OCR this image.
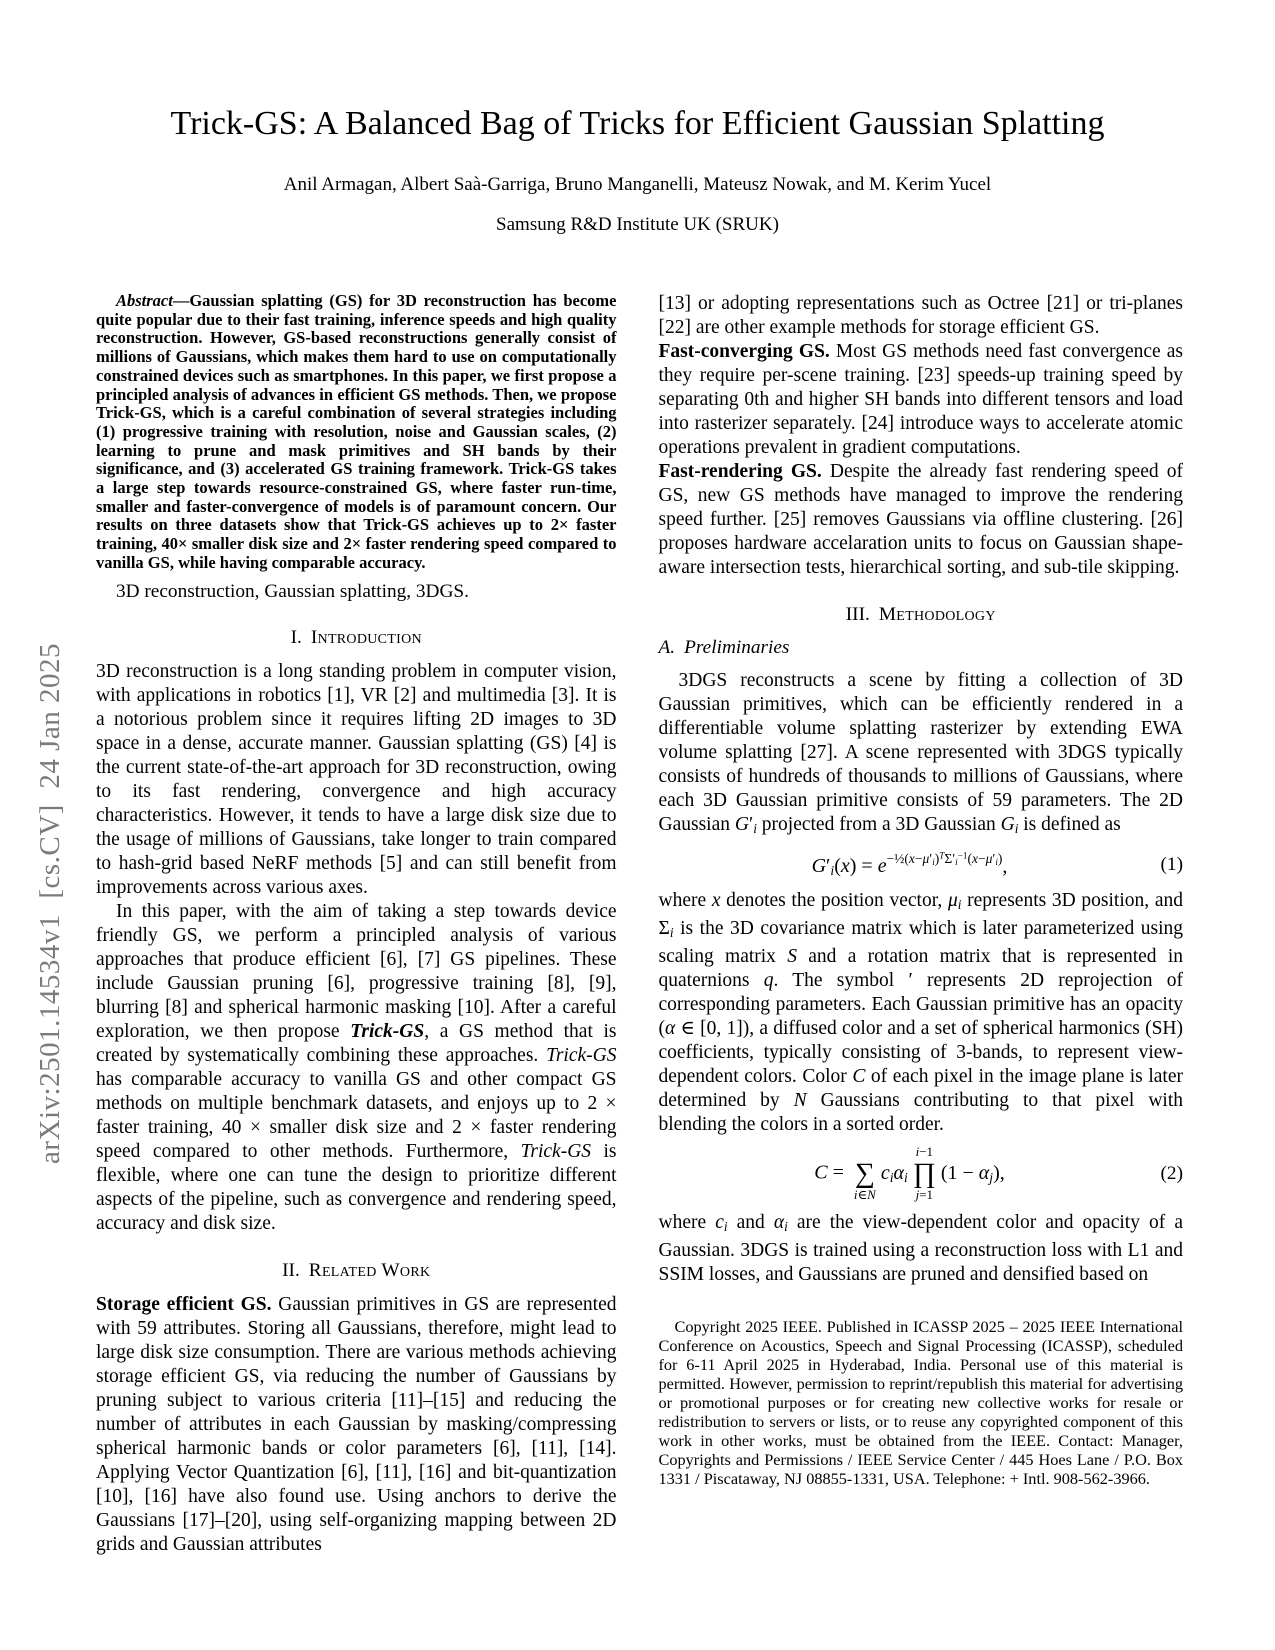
arXiv:2501.14534v1  [cs.CV]  24 Jan 2025
Trick-GS: A Balanced Bag of Tricks for Efficient Gaussian Splatting
Anil Armagan, Albert Saà-Garriga, Bruno Manganelli, Mateusz Nowak, and M. Kerim Yucel
Samsung R&D Institute UK (SRUK)

Abstract—Gaussian splatting (GS) for 3D reconstruction has become quite popular due to their fast training, inference speeds and high quality reconstruction. However, GS-based reconstructions generally consist of millions of Gaussians, which makes them hard to use on computationally constrained devices such as smartphones. In this paper, we first propose a principled analysis of advances in efficient GS methods. Then, we propose Trick-GS, which is a careful combination of several strategies including (1) progressive training with resolution, noise and Gaussian scales, (2) learning to prune and mask primitives and SH bands by their significance, and (3) accelerated GS training framework. Trick-GS takes a large step towards resource-constrained GS, where faster run-time, smaller and faster-convergence of models is of paramount concern. Our results on three datasets show that Trick-GS achieves up to 2× faster training, 40× smaller disk size and 2× faster rendering speed compared to vanilla GS, while having comparable accuracy.

3D reconstruction, Gaussian splatting, 3DGS.

I. Introduction

3D reconstruction is a long standing problem in computer vision, with applications in robotics [1], VR [2] and multimedia [3]. It is a notorious problem since it requires lifting 2D images to 3D space in a dense, accurate manner. Gaussian splatting (GS) [4] is the current state-of-the-art approach for 3D reconstruction, owing to its fast rendering, convergence and high accuracy characteristics. However, it tends to have a large disk size due to the usage of millions of Gaussians, take longer to train compared to hash-grid based NeRF methods [5] and can still benefit from improvements across various axes.

In this paper, with the aim of taking a step towards device friendly GS, we perform a principled analysis of various approaches that produce efficient [6], [7] GS pipelines. These include Gaussian pruning [6], progressive training [8], [9], blurring [8] and spherical harmonic masking [10]. After a careful exploration, we then propose Trick-GS, a GS method that is created by systematically combining these approaches. Trick-GS has comparable accuracy to vanilla GS and other compact GS methods on multiple benchmark datasets, and enjoys up to 2 × faster training, 40 × smaller disk size and 2 × faster rendering speed compared to other methods. Furthermore, Trick-GS is flexible, where one can tune the design to prioritize different aspects of the pipeline, such as convergence and rendering speed, accuracy and disk size.

II. Related Work

Storage efficient GS. Gaussian primitives in GS are represented with 59 attributes. Storing all Gaussians, therefore, might lead to large disk size consumption. There are various methods achieving storage efficient GS, via reducing the number of Gaussians by pruning subject to various criteria [11]–[15] and reducing the number of attributes in each Gaussian by masking/compressing spherical harmonic bands or color parameters [6], [11], [14]. Applying Vector Quantization [6], [11], [16] and bit-quantization [10], [16] have also found use. Using anchors to derive the Gaussians [17]–[20], using self-organizing mapping between 2D grids and Gaussian attributes

[13] or adopting representations such as Octree [21] or tri-planes [22] are other example methods for storage efficient GS.

Fast-converging GS. Most GS methods need fast convergence as they require per-scene training. [23] speeds-up training speed by separating 0th and higher SH bands into different tensors and load into rasterizer separately. [24] introduce ways to accelerate atomic operations prevalent in gradient computations.

Fast-rendering GS. Despite the already fast rendering speed of GS, new GS methods have managed to improve the rendering speed further. [25] removes Gaussians via offline clustering. [26] proposes hardware accelaration units to focus on Gaussian shape-aware intersection tests, hierarchical sorting, and sub-tile skipping.

III. Methodology
A. Preliminaries

3DGS reconstructs a scene by fitting a collection of 3D Gaussian primitives, which can be efficiently rendered in a differentiable volume splatting rasterizer by extending EWA volume splatting [27]. A scene represented with 3DGS typically consists of hundreds of thousands to millions of Gaussians, where each 3D Gaussian primitive consists of 59 parameters. The 2D Gaussian G′i projected from a 3D Gaussian Gi is defined as

$G'i(x) = e^{-\frac{1}{2}(x-\mu'i)^T\Sigma'i^{-1}(x-\mu'i)}$,	(1)

where x denotes the position vector, μi represents 3D position, and Σi is the 3D covariance matrix which is later parameterized using scaling matrix S and a rotation matrix that is represented in quaternions q. The symbol ′ represents 2D reprojection of corresponding parameters. Each Gaussian primitive has an opacity (α ∈ [0, 1]), a diffused color and a set of spherical harmonics (SH) coefficients, typically consisting of 3-bands, to represent view-dependent colors. Color C of each pixel in the image plane is later determined by N Gaussians contributing to that pixel with blending the colors in a sorted order.

C =
∑
i∈N
ciαi
i−1
∏
j=1
(1 − αj),	(2)

where ci and αi are the view-dependent color and opacity of a Gaussian. 3DGS is trained using a reconstruction loss with L1 and SSIM losses, and Gaussians are pruned and densified based on

Copyright 2025 IEEE. Published in ICASSP 2025 – 2025 IEEE International Conference on Acoustics, Speech and Signal Processing (ICASSP), scheduled for 6-11 April 2025 in Hyderabad, India. Personal use of this material is permitted. However, permission to reprint/republish this material for advertising or promotional purposes or for creating new collective works for resale or redistribution to servers or lists, or to reuse any copyrighted component of this work in other works, must be obtained from the IEEE. Contact: Manager, Copyrights and Permissions / IEEE Service Center / 445 Hoes Lane / P.O. Box 1331 / Piscataway, NJ 08855-1331, USA. Telephone: + Intl. 908-562-3966.
